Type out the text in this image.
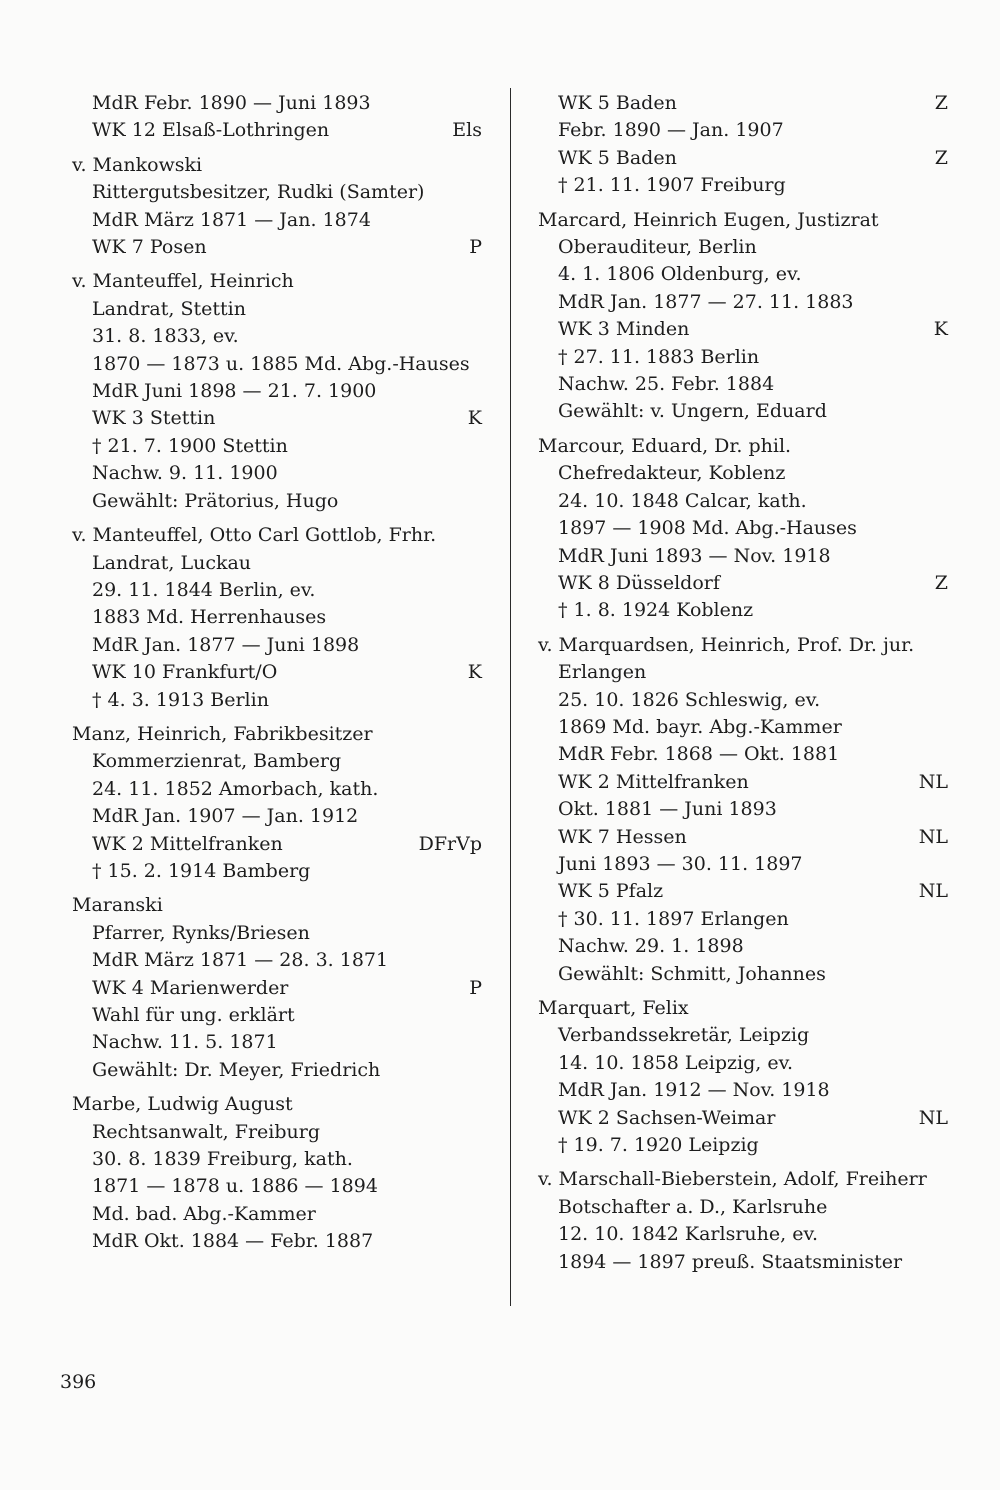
MdR Febr. 1890 — Juni 1893
WK 12 Elsaß-Lothringen	Els
v. Mankowski
Rittergutsbesitzer, Rudki (Samter)
MdR März 1871 — Jan. 1874
WK 7 Posen	P
v. Manteuffel, Heinrich
Landrat, Stettin
31. 8. 1833, ev.
1870 — 1873 u. 1885 Md. Abg.-Hauses
MdR Juni 1898 — 21. 7. 1900
WK 3 Stettin	K
† 21. 7. 1900 Stettin
Nachw. 9. 11. 1900
Gewählt: Prätorius, Hugo
v. Manteuffel, Otto Carl Gottlob, Frhr.
Landrat, Luckau
29. 11. 1844 Berlin, ev.
1883 Md. Herrenhauses
MdR Jan. 1877 — Juni 1898
WK 10 Frankfurt/O	K
† 4. 3. 1913 Berlin
Manz, Heinrich, Fabrikbesitzer
Kommerzienrat, Bamberg
24. 11. 1852 Amorbach, kath.
MdR Jan. 1907 — Jan. 1912
WK 2 Mittelfranken	DFrVp
† 15. 2. 1914 Bamberg
Maranski
Pfarrer, Rynks/Briesen
MdR März 1871 — 28. 3. 1871
WK 4 Marienwerder	P
Wahl für ung. erklärt
Nachw. 11. 5. 1871
Gewählt: Dr. Meyer, Friedrich
Marbe, Ludwig August
Rechtsanwalt, Freiburg
30. 8. 1839 Freiburg, kath.
1871 — 1878 u. 1886 — 1894
Md. bad. Abg.-Kammer
MdR Okt. 1884 — Febr. 1887
WK 5 Baden	Z
Febr. 1890 — Jan. 1907
WK 5 Baden	Z
† 21. 11. 1907 Freiburg
Marcard, Heinrich Eugen, Justizrat
Oberauditeur, Berlin
4. 1. 1806 Oldenburg, ev.
MdR Jan. 1877 — 27. 11. 1883
WK 3 Minden	K
† 27. 11. 1883 Berlin
Nachw. 25. Febr. 1884
Gewählt: v. Ungern, Eduard
Marcour, Eduard, Dr. phil.
Chefredakteur, Koblenz
24. 10. 1848 Calcar, kath.
1897 — 1908 Md. Abg.-Hauses
MdR Juni 1893 — Nov. 1918
WK 8 Düsseldorf	Z
† 1. 8. 1924 Koblenz
v. Marquardsen, Heinrich, Prof. Dr. jur.
Erlangen
25. 10. 1826 Schleswig, ev.
1869 Md. bayr. Abg.-Kammer
MdR Febr. 1868 — Okt. 1881
WK 2 Mittelfranken	NL
Okt. 1881 — Juni 1893
WK 7 Hessen	NL
Juni 1893 — 30. 11. 1897
WK 5 Pfalz	NL
† 30. 11. 1897 Erlangen
Nachw. 29. 1. 1898
Gewählt: Schmitt, Johannes
Marquart, Felix
Verbandssekretär, Leipzig
14. 10. 1858 Leipzig, ev.
MdR Jan. 1912 — Nov. 1918
WK 2 Sachsen-Weimar	NL
† 19. 7. 1920 Leipzig
v. Marschall-Bieberstein, Adolf, Freiherr
Botschafter a. D., Karlsruhe
12. 10. 1842 Karlsruhe, ev.
1894 — 1897 preuß. Staatsminister
396
